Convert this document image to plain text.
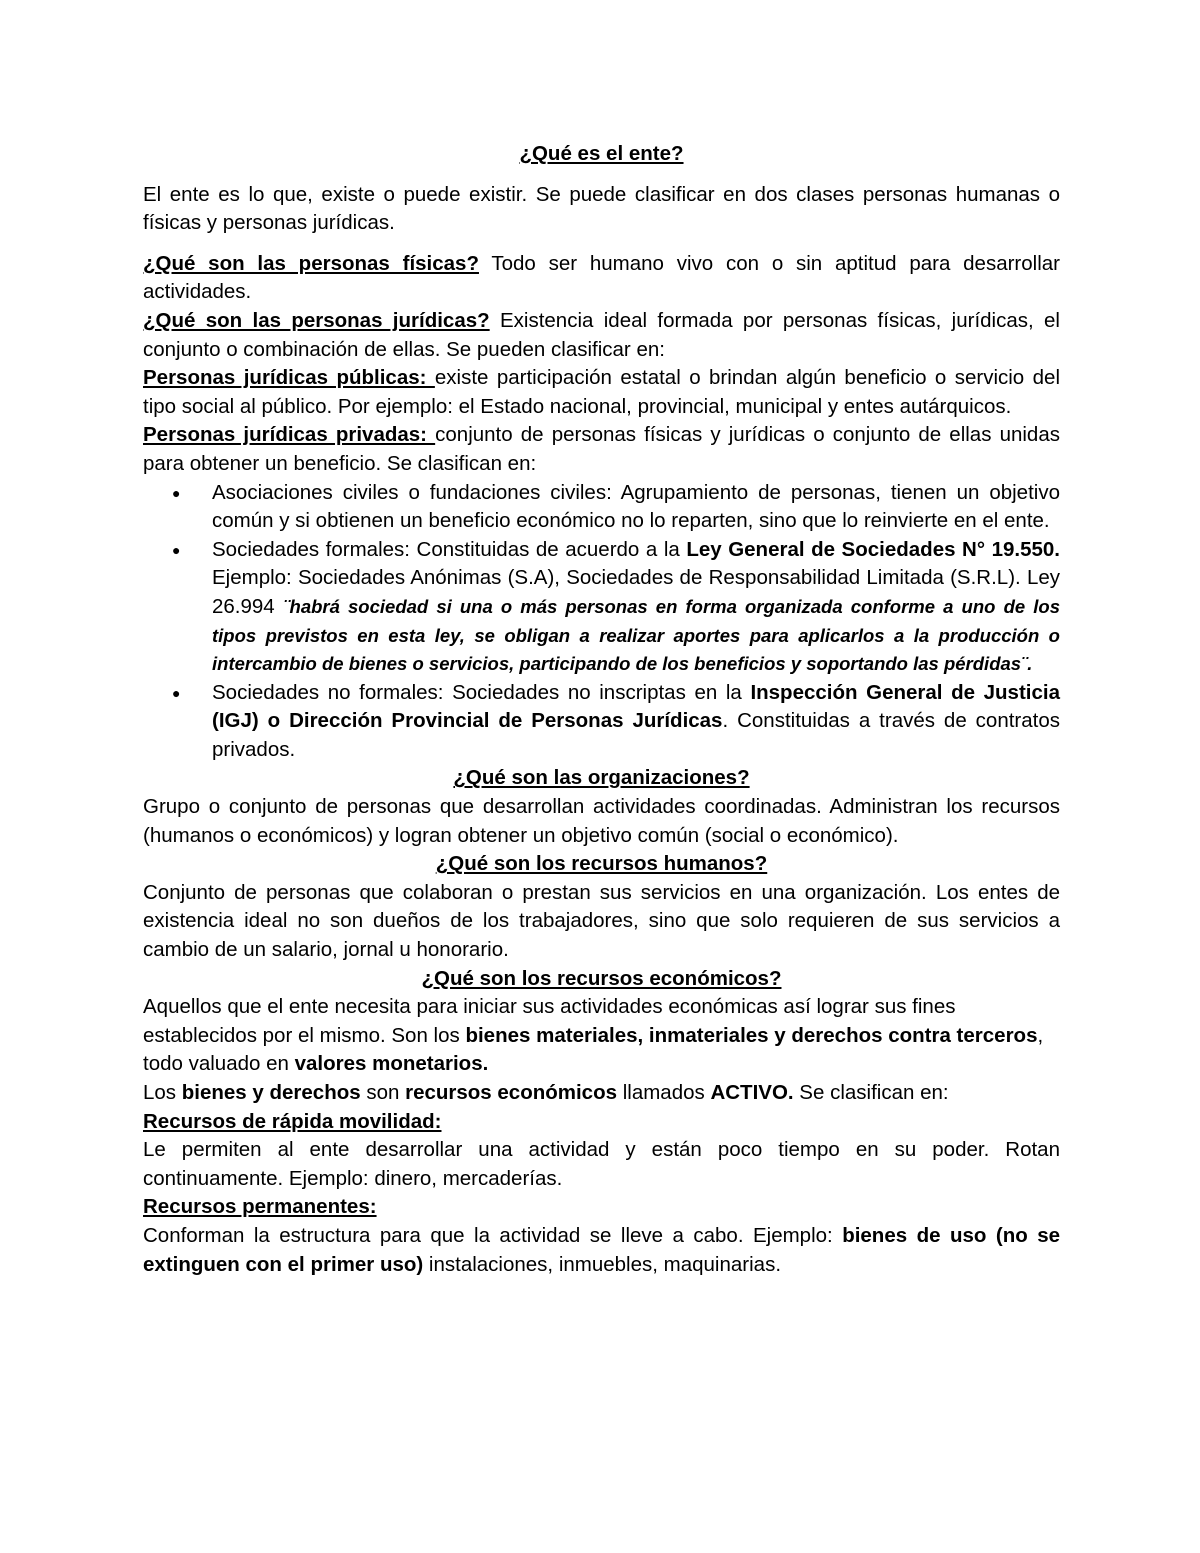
¿Qué es el ente?

El ente es lo que, existe o puede existir. Se puede clasificar en dos clases personas humanas o físicas y personas jurídicas.

¿Qué son las personas físicas? Todo ser humano vivo con o sin aptitud para desarrollar actividades.

¿Qué son las personas jurídicas? Existencia ideal formada por personas físicas, jurídicas, el conjunto o combinación de ellas. Se pueden clasificar en:

Personas jurídicas públicas: existe participación estatal o brindan algún beneficio o servicio del tipo social al público. Por ejemplo: el Estado nacional, provincial, municipal y entes autárquicos.

Personas jurídicas privadas: conjunto de personas físicas y jurídicas o conjunto de ellas unidas para obtener un beneficio. Se clasifican en:

● Asociaciones civiles o fundaciones civiles: Agrupamiento de personas, tienen un objetivo común y si obtienen un beneficio económico no lo reparten, sino que lo reinvierte en el ente.
● Sociedades formales: Constituidas de acuerdo a la Ley General de Sociedades N° 19.550. Ejemplo: Sociedades Anónimas (S.A), Sociedades de Responsabilidad Limitada (S.R.L). Ley 26.994 ¨habrá sociedad si una o más personas en forma organizada conforme a uno de los tipos previstos en esta ley, se obligan a realizar aportes para aplicarlos a la producción o intercambio de bienes o servicios, participando de los beneficios y soportando las pérdidas¨.
● Sociedades no formales: Sociedades no inscriptas en la Inspección General de Justicia (IGJ) o Dirección Provincial de Personas Jurídicas. Constituidas a través de contratos privados.

¿Qué son las organizaciones?

Grupo o conjunto de personas que desarrollan actividades coordinadas. Administran los recursos (humanos o económicos) y logran obtener un objetivo común (social o económico).

¿Qué son los recursos humanos?

Conjunto de personas que colaboran o prestan sus servicios en una organización. Los entes de existencia ideal no son dueños de los trabajadores, sino que solo requieren de sus servicios a cambio de un salario, jornal u honorario.

¿Qué son los recursos económicos?

Aquellos que el ente necesita para iniciar sus actividades económicas así lograr sus fines establecidos por el mismo. Son los bienes materiales, inmateriales y derechos contra terceros, todo valuado en valores monetarios.

Los bienes y derechos son recursos económicos llamados ACTIVO. Se clasifican en:

Recursos de rápida movilidad:

Le permiten al ente desarrollar una actividad y están poco tiempo en su poder. Rotan continuamente. Ejemplo: dinero, mercaderías.

Recursos permanentes:

Conforman la estructura para que la actividad se lleve a cabo. Ejemplo: bienes de uso (no se extinguen con el primer uso) instalaciones, inmuebles, maquinarias.
